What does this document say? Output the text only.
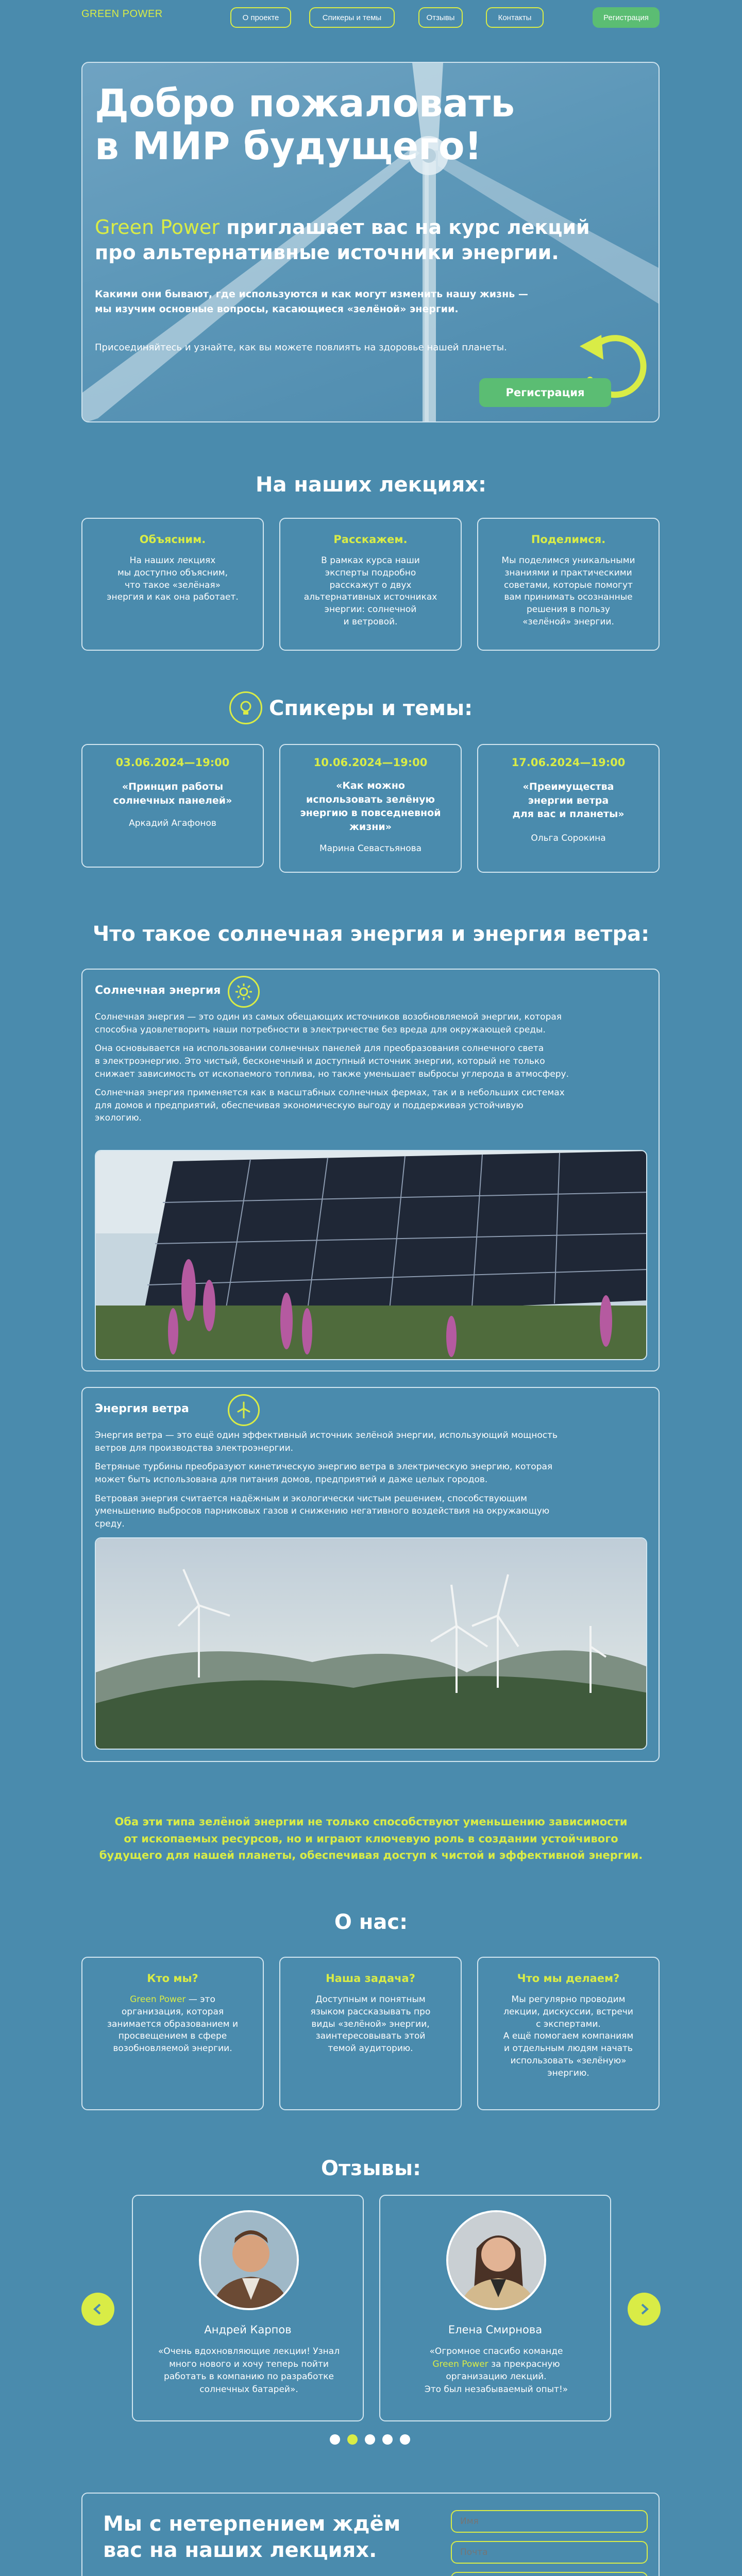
GREEN POWER	О проекте	Спикеры и темы	Отзывы	Контакты	Регистрация
Добро пожаловать
в МИР будущего!
Green Power приглашает вас на курс лекций
про альтернативные источники энергии.
Какими они бывают, где используются и как могут изменить нашу жизнь —
мы изучим основные вопросы, касающиеся «зелёной» энергии.
Присоединяйтесь и узнайте, как вы можете повлиять на здоровье нашей планеты.
Регистрация
На наших лекциях:
Объясним.

На наших лекциях
мы доступно объясним,
что такое «зелёная»
энергия и как она работает.

Расскажем.

В рамках курса наши
эксперты подробно
расскажут о двух
альтернативных источниках
энергии: солнечной
и ветровой.

Поделимся.

Мы поделимся уникальными
знаниями и практическими
советами, которые помогут
вам принимать осознанные
решения в пользу
«зелёной» энергии.

Спикеры и темы:
03.06.2024—19:00

«Принцип работы
солнечных панелей»

Аркадий Агафонов

10.06.2024—19:00

«Как можно
использовать зелёную
энергию в повседневной
жизни»

Марина Севастьянова

17.06.2024—19:00

«Преимущества
энергии ветра
для вас и планеты»

Ольга Сорокина

Что такое солнечная энергия и энергия ветра:
Солнечная энергия
Солнечная энергия — это один из самых обещающих источников возобновляемой энергии, которая
способна удовлетворить наши потребности в электричестве без вреда для окружающей среды.
Она основывается на использовании солнечных панелей для преобразования солнечного света
в электроэнергию. Это чистый, бесконечный и доступный источник энергии, который не только
снижает зависимость от ископаемого топлива, но также уменьшает выбросы углерода в атмосферу.
Солнечная энергия применяется как в масштабных солнечных фермах, так и в небольших системах
для домов и предприятий, обеспечивая экономическую выгоду и поддерживая устойчивую
экологию.
Энергия ветра
Энергия ветра — это ещё один эффективный источник зелёной энергии, использующий мощность
ветров для производства электроэнергии.
Ветряные турбины преобразуют кинетическую энергию ветра в электрическую энергию, которая
может быть использована для питания домов, предприятий и даже целых городов.
Ветровая энергия считается надёжным и экологически чистым решением, способствующим
уменьшению выбросов парниковых газов и снижению негативного воздействия на окружающую
среду.
Оба эти типа зелёной энергии не только способствуют уменьшению зависимости
от ископаемых ресурсов, но и играют ключевую роль в создании устойчивого
будущего для нашей планеты, обеспечивая доступ к чистой и эффективной энергии.
О нас:
Кто мы?

Green Power — это
организация, которая
занимается образованием и
просвещением в сфере
возобновляемой энергии.

Наша задача?

Доступным и понятным
языком рассказывать про
виды «зелёной» энергии,
заинтересовывать этой
темой аудиторию.

Что мы делаем?

Мы регулярно проводим
лекции, дискуссии, встречи
с экспертами.
А ещё помогаем компаниям
и отдельным людям начать
использовать «зелёную»
энергию.

Отзывы:
Андрей Карпов
«Очень вдохновляющие лекции! Узнал
много нового и хочу теперь пойти
работать в компанию по разработке
солнечных батарей».
Елена Смирнова
«Огромное спасибо команде
Green Power за прекрасную
организацию лекций.
Это был незабываемый опыт!»
Мы с нетерпением ждём
вас на наших лекциях.
Имя
Почта
Телефон
